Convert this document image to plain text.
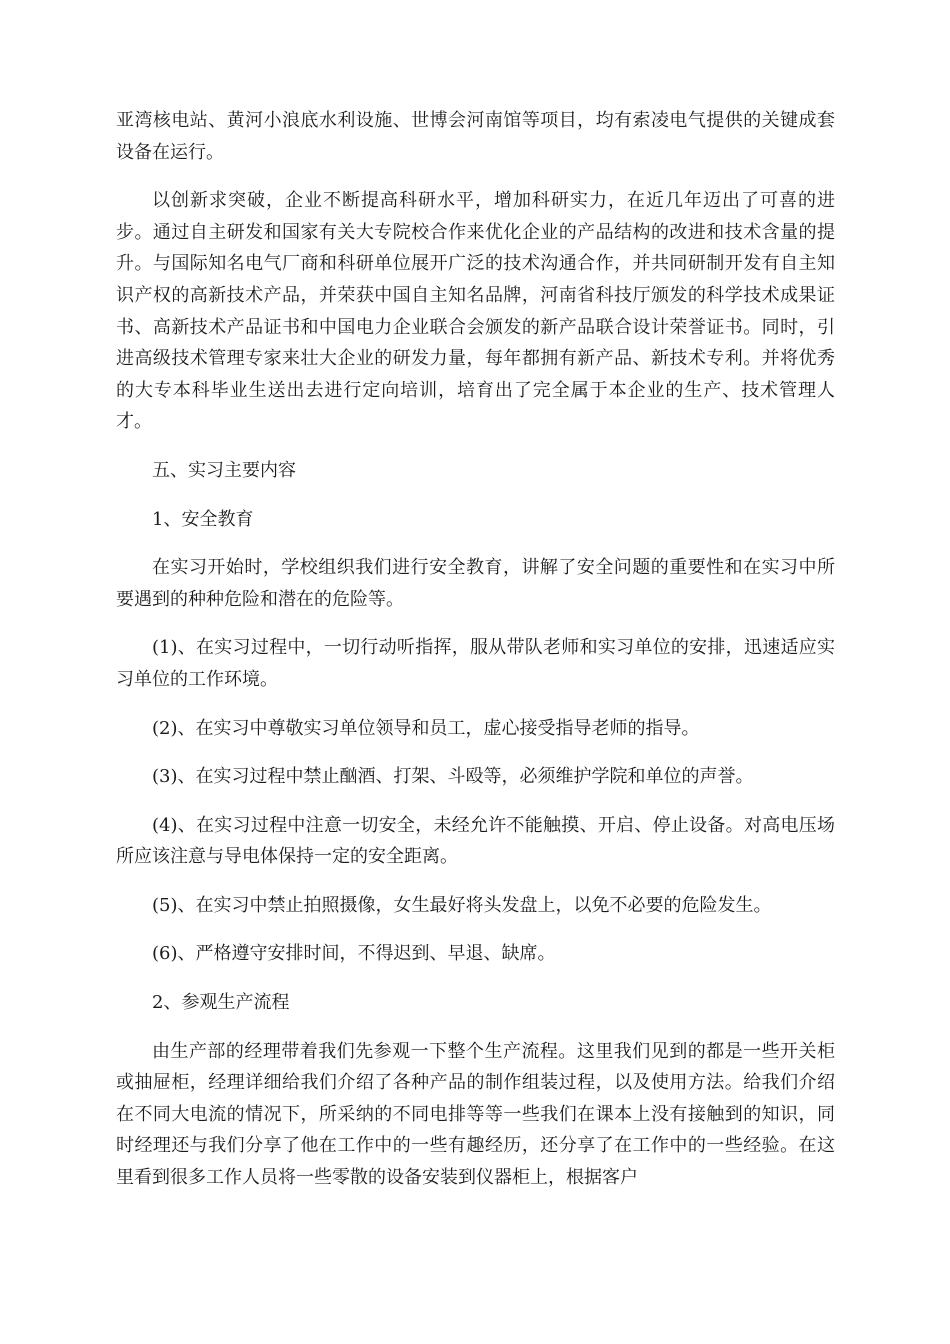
亚湾核电站、黄河小浪底水利设施、世博会河南馆等项目，均有索凌电气提供的关键成套设备在运行。

以创新求突破，企业不断提高科研水平，增加科研实力，在近几年迈出了可喜的进步。通过自主研发和国家有关大专院校合作来优化企业的产品结构的改进和技术含量的提升。与国际知名电气厂商和科研单位展开广泛的技术沟通合作，并共同研制开发有自主知识产权的高新技术产品，并荣获中国自主知名品牌，河南省科技厅颁发的科学技术成果证书、高新技术产品证书和中国电力企业联合会颁发的新产品联合设计荣誉证书。同时，引进高级技术管理专家来壮大企业的研发力量，每年都拥有新产品、新技术专利。并将优秀的大专本科毕业生送出去进行定向培训，培育出了完全属于本企业的生产、技术管理人才。

五、实习主要内容

1、安全教育

在实习开始时，学校组织我们进行安全教育，讲解了安全问题的重要性和在实习中所要遇到的种种危险和潜在的危险等。

(1)、在实习过程中，一切行动听指挥，服从带队老师和实习单位的安排，迅速适应实习单位的工作环境。

(2)、在实习中尊敬实习单位领导和员工，虚心接受指导老师的指导。

(3)、在实习过程中禁止酗酒、打架、斗殴等，必须维护学院和单位的声誉。

(4)、在实习过程中注意一切安全，未经允许不能触摸、开启、停止设备。对高电压场所应该注意与导电体保持一定的安全距离。

(5)、在实习中禁止拍照摄像，女生最好将头发盘上，以免不必要的危险发生。

(6)、严格遵守安排时间，不得迟到、早退、缺席。

2、参观生产流程

由生产部的经理带着我们先参观一下整个生产流程。这里我们见到的都是一些开关柜或抽屉柜，经理详细给我们介绍了各种产品的制作组装过程，以及使用方法。给我们介绍在不同大电流的情况下，所采纳的不同电排等等一些我们在课本上没有接触到的知识，同时经理还与我们分享了他在工作中的一些有趣经历，还分享了在工作中的一些经验。在这里看到很多工作人员将一些零散的设备安装到仪器柜上，根据客户
